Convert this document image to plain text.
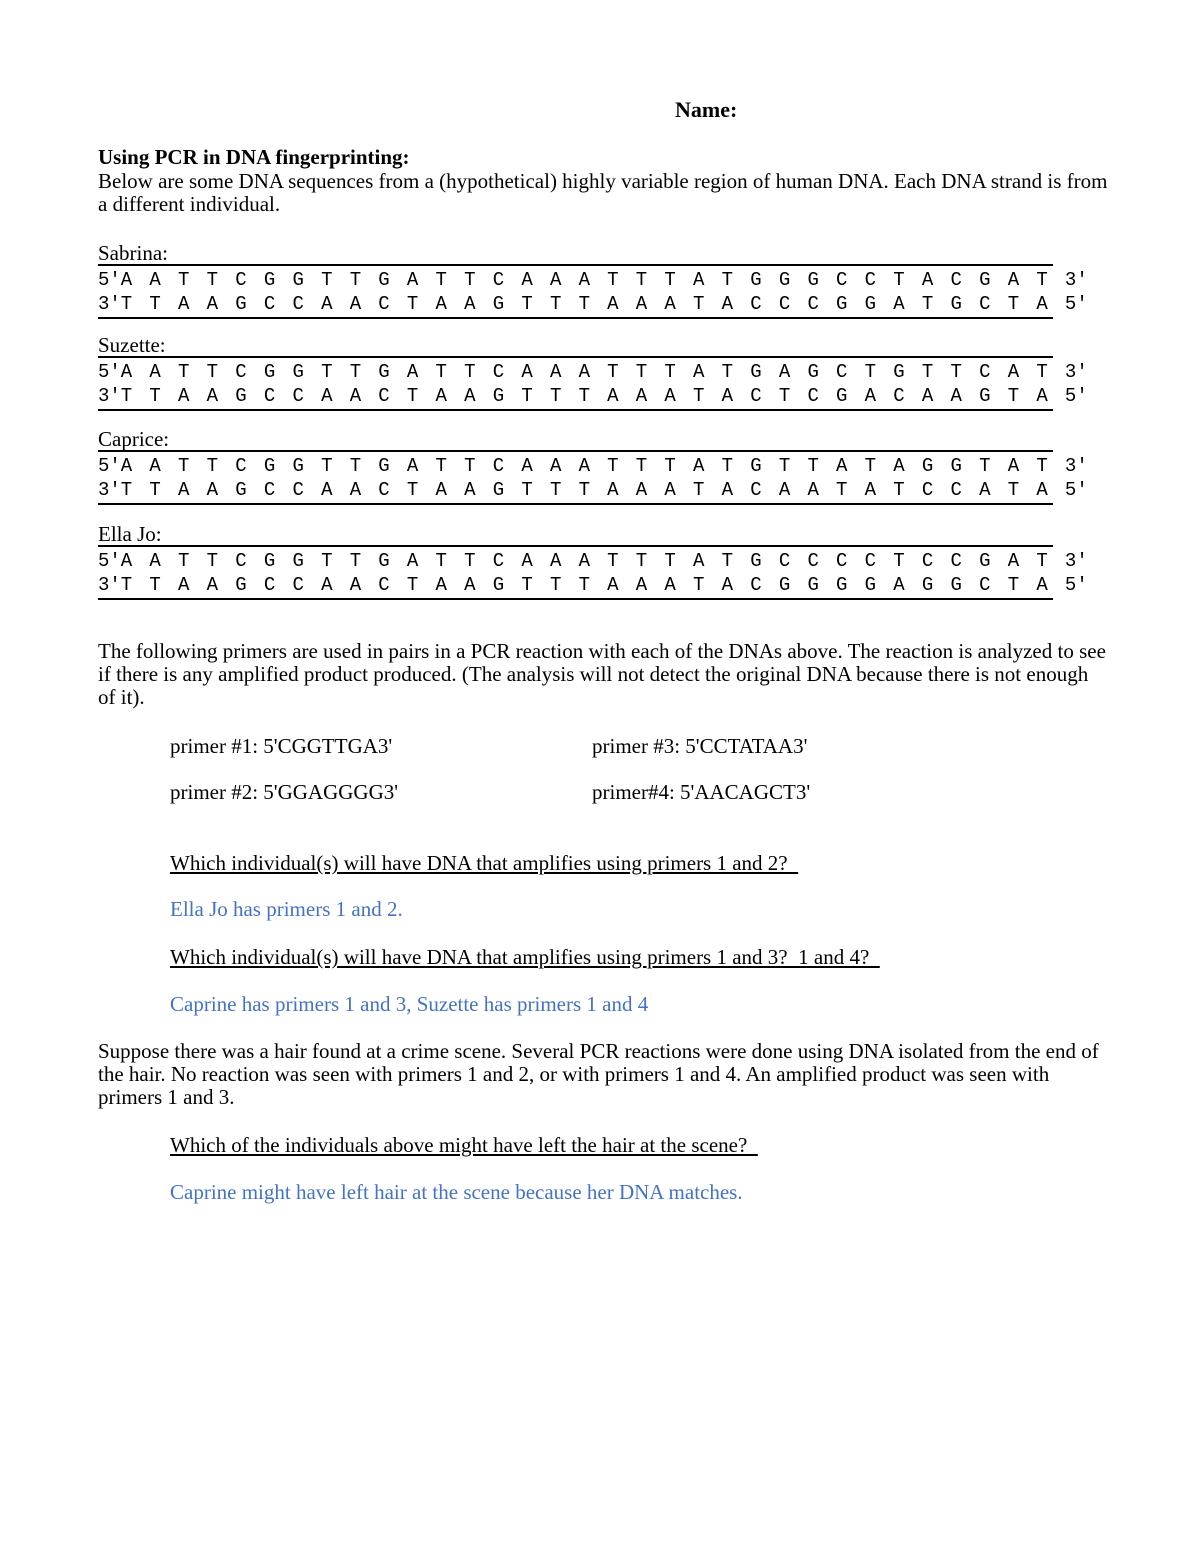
Name:
Using PCR in DNA fingerprinting:
Below are some DNA sequences from a (hypothetical) highly variable region of human DNA. Each DNA strand is from a different individual.
Sabrina:
5'A A T T C G G T T G A T T C A A A T T T A T G G G C C T A C G A T 3'
3'T T A A G C C A A C T A A G T T T A A A T A C C C G G A T G C T A 5'
Suzette:
5'A A T T C G G T T G A T T C A A A T T T A T G A G C T G T T C A T 3'
3'T T A A G C C A A C T A A G T T T A A A T A C T C G A C A A G T A 5'
Caprice:
5'A A T T C G G T T G A T T C A A A T T T A T G T T A T A G G T A T 3'
3'T T A A G C C A A C T A A G T T T A A A T A C A A T A T C C A T A 5'
Ella Jo:
5'A A T T C G G T T G A T T C A A A T T T A T G C C C C T C C G A T 3'
3'T T A A G C C A A C T A A G T T T A A A T A C G G G G A G G C T A 5'
The following primers are used in pairs in a PCR reaction with each of the DNAs above. The reaction is analyzed to see if there is any amplified product produced. (The analysis will not detect the original DNA because there is not enough of it).
primer #1: 5'CGGTTGA3'	primer #3: 5'CCTATAA3'
primer #2: 5'GGAGGGG3'	primer#4: 5'AACAGCT3'
Which individual(s) will have DNA that amplifies using primers 1 and 2?
Ella Jo has primers 1 and 2.
Which individual(s) will have DNA that amplifies using primers 1 and 3?  1 and 4?
Caprine has primers 1 and 3, Suzette has primers 1 and 4
Suppose there was a hair found at a crime scene. Several PCR reactions were done using DNA isolated from the end of the hair. No reaction was seen with primers 1 and 2, or with primers 1 and 4. An amplified product was seen with primers 1 and 3.
Which of the individuals above might have left the hair at the scene?
Caprine might have left hair at the scene because her DNA matches.
